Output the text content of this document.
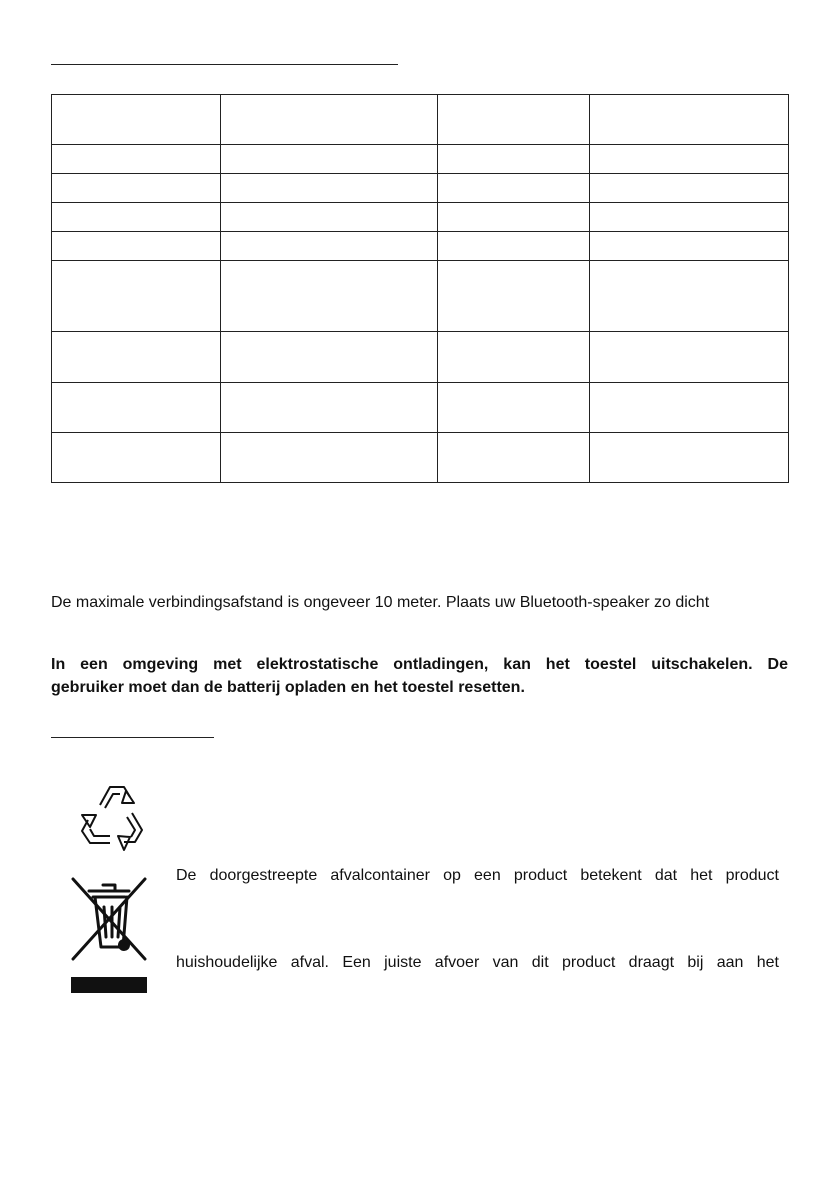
De maximale verbindingsafstand is ongeveer 10 meter. Plaats uw Bluetooth-speaker zo dicht
In een omgeving met elektrostatische ontladingen, kan het toestel uitschakelen. De
gebruiker moet dan de batterij opladen en het toestel resetten.
De doorgestreepte afvalcontainer op een product betekent dat het product
huishoudelijke afval. Een juiste afvoer van dit product draagt bij aan het
